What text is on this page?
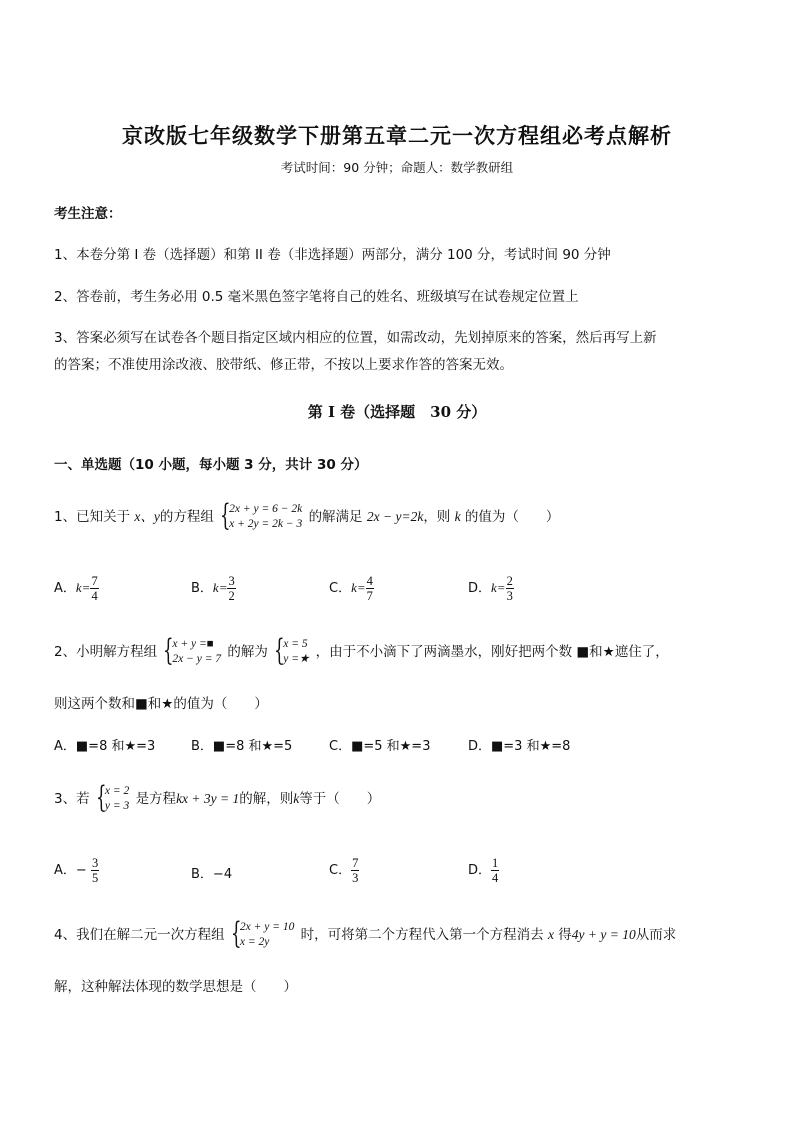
京改版七年级数学下册第五章二元一次方程组必考点解析
考试时间：90 分钟；命题人：数学教研组
考生注意：
1、本卷分第 I 卷（选择题）和第 II 卷（非选择题）两部分，满分 100 分，考试时间 90 分钟
2、答卷前，考生务必用 0.5 毫米黑色签字笔将自己的姓名、班级填写在试卷规定位置上
3、答案必须写在试卷各个题目指定区域内相应的位置，如需改动，先划掉原来的答案，然后再写上新
的答案；不准使用涂改液、胶带纸、修正带，不按以上要求作答的答案无效。
第 I 卷（选择题　30 分）
一、单选题（10 小题，每小题 3 分，共计 30 分）
1、已知关于 x、y的方程组 {
2x + y = 6 − 2k
x + 2y = 2k − 3 的解满足 2x − y=2k，则 k 的值为（　　）
A．$k= \frac{7}{4}$	B．$k= \frac{3}{2}$	C．$k= \frac{4}{7}$	D．$k= \frac{2}{3}$
2、小明解方程组 {
x + y =■
2x − y = 7 的解为 {
x = 5
y =★ ，由于不小滴下了两滴墨水，刚好把两个数 ■和★遮住了，
则这两个数和■和★的值为（　　）
A．■=8 和★=3	B．■=8 和★=5	C．■=5 和★=3	D．■=3 和★=8
3、若 {
x = 2
y = 3 是方程kx + 3y = 1的解，则k等于（　　）
A．− $\frac{3}{5}$	B．−4	C． $\frac{7}{3}$	D． $\frac{1}{4}$
4、我们在解二元一次方程组 {
2x + y = 10
x = 2y	时，可将第二个方程代入第一个方程消去 x 得4y + y = 10从而求
解，这种解法体现的数学思想是（　　）
